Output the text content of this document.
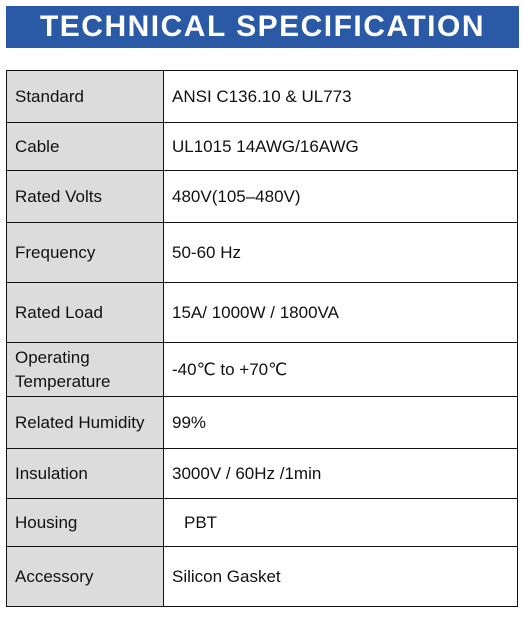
TECHNICAL SPECIFICATION
Standard	ANSI C136.10 & UL773
Cable	UL1015 14AWG/16AWG
Rated Volts	480V(105–480V)
Frequency	50-60 Hz
Rated Load	15A/ 1000W / 1800VA
Operating Temperature	-40℃ to +70℃
Related Humidity	99%
Insulation	3000V / 60Hz /1min
Housing	PBT
Accessory	Silicon Gasket
